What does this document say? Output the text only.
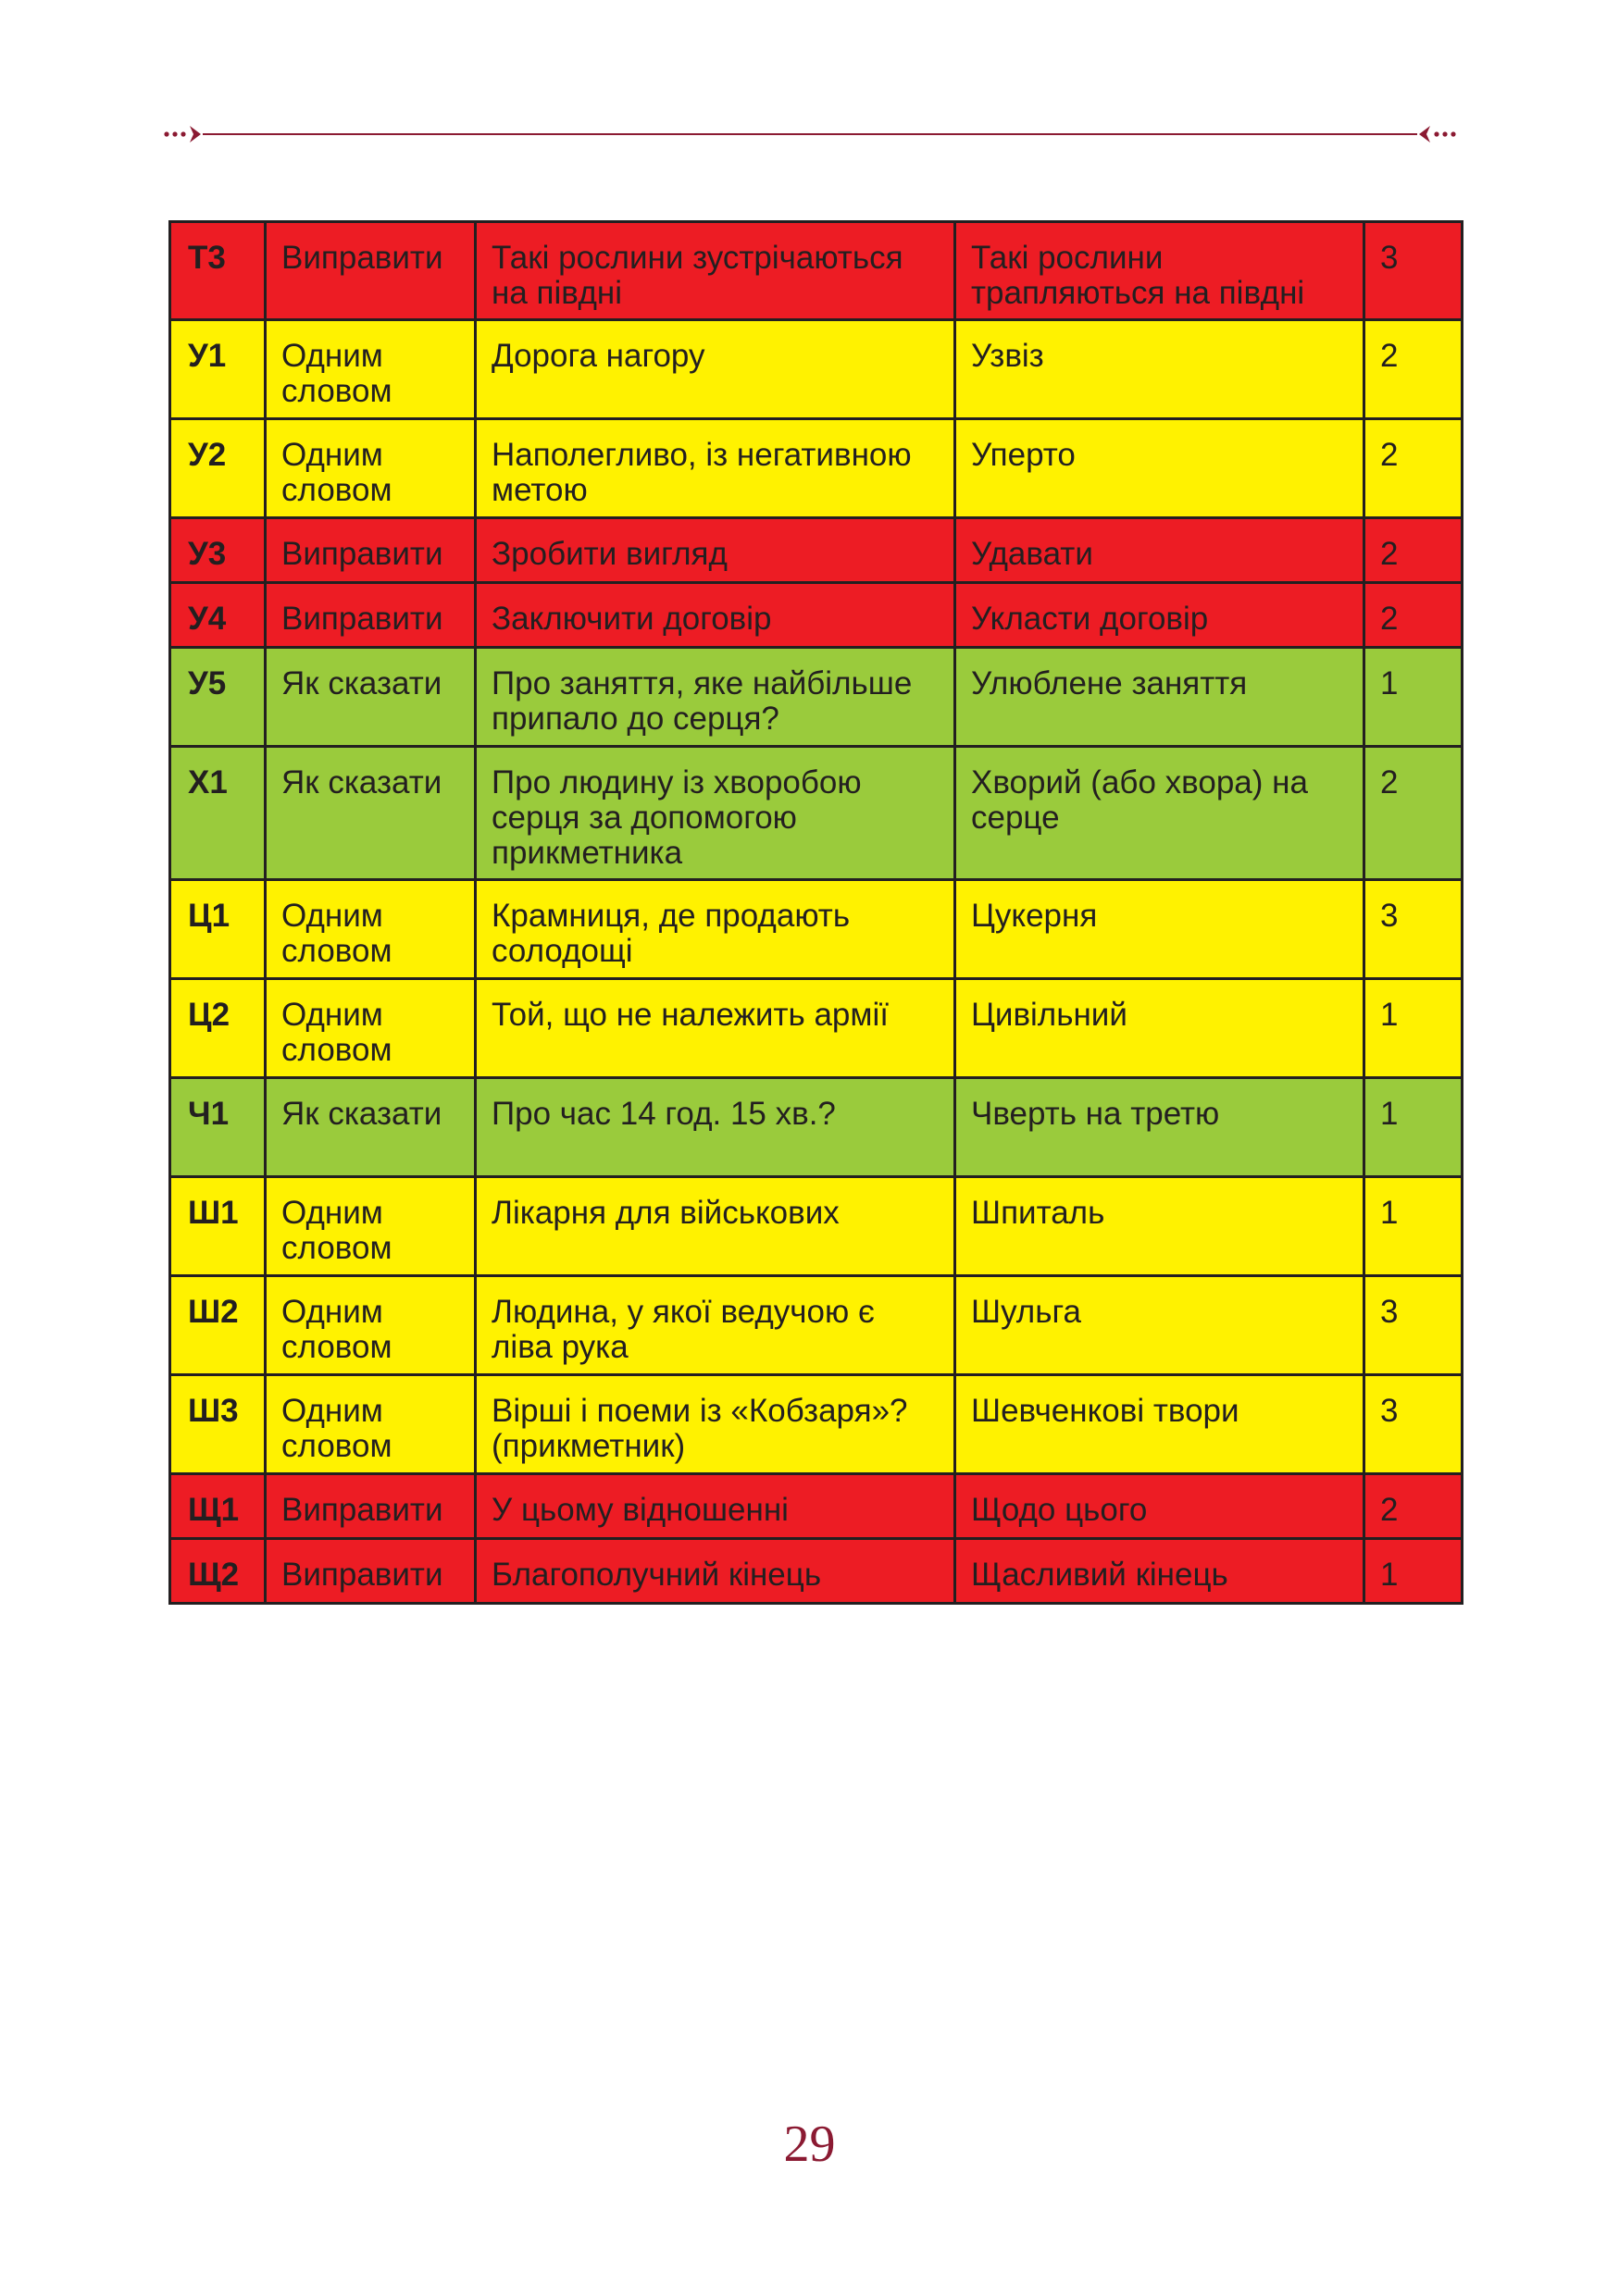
Т3	Виправити	Такі рослини зустрічаються на півдні	Такі рослини трапляються на півдні	3
У1	Одним словом	Дорога нагору	Узвіз	2
У2	Одним словом	Наполегливо, із негативною метою	Уперто	2
У3	Виправити	Зробити вигляд	Удавати	2
У4	Виправити	Заключити договір	Укласти договір	2
У5	Як сказати	Про заняття, яке найбільше припало до серця?	Улюблене заняття	1
Х1	Як сказати	Про людину із хворобою серця за допомогою прикметника	Хворий (або хвора) на серце	2
Ц1	Одним словом	Крамниця, де продають солодощі	Цукерня	3
Ц2	Одним словом	Той, що не належить армії	Цивільний	1
Ч1	Як сказати	Про час 14 год. 15 хв.?	Чверть на третю	1
Ш1	Одним словом	Лікарня для військових	Шпиталь	1
Ш2	Одним словом	Людина, у якої ведучою є ліва рука	Шульга	3
Ш3	Одним словом	Вірші і поеми із «Кобзаря»? (прикметник)	Шевченкові твори	3
Щ1	Виправити	У цьому відношенні	Щодо цього	2
Щ2	Виправити	Благополучний кінець	Щасливий кінець	1
29
